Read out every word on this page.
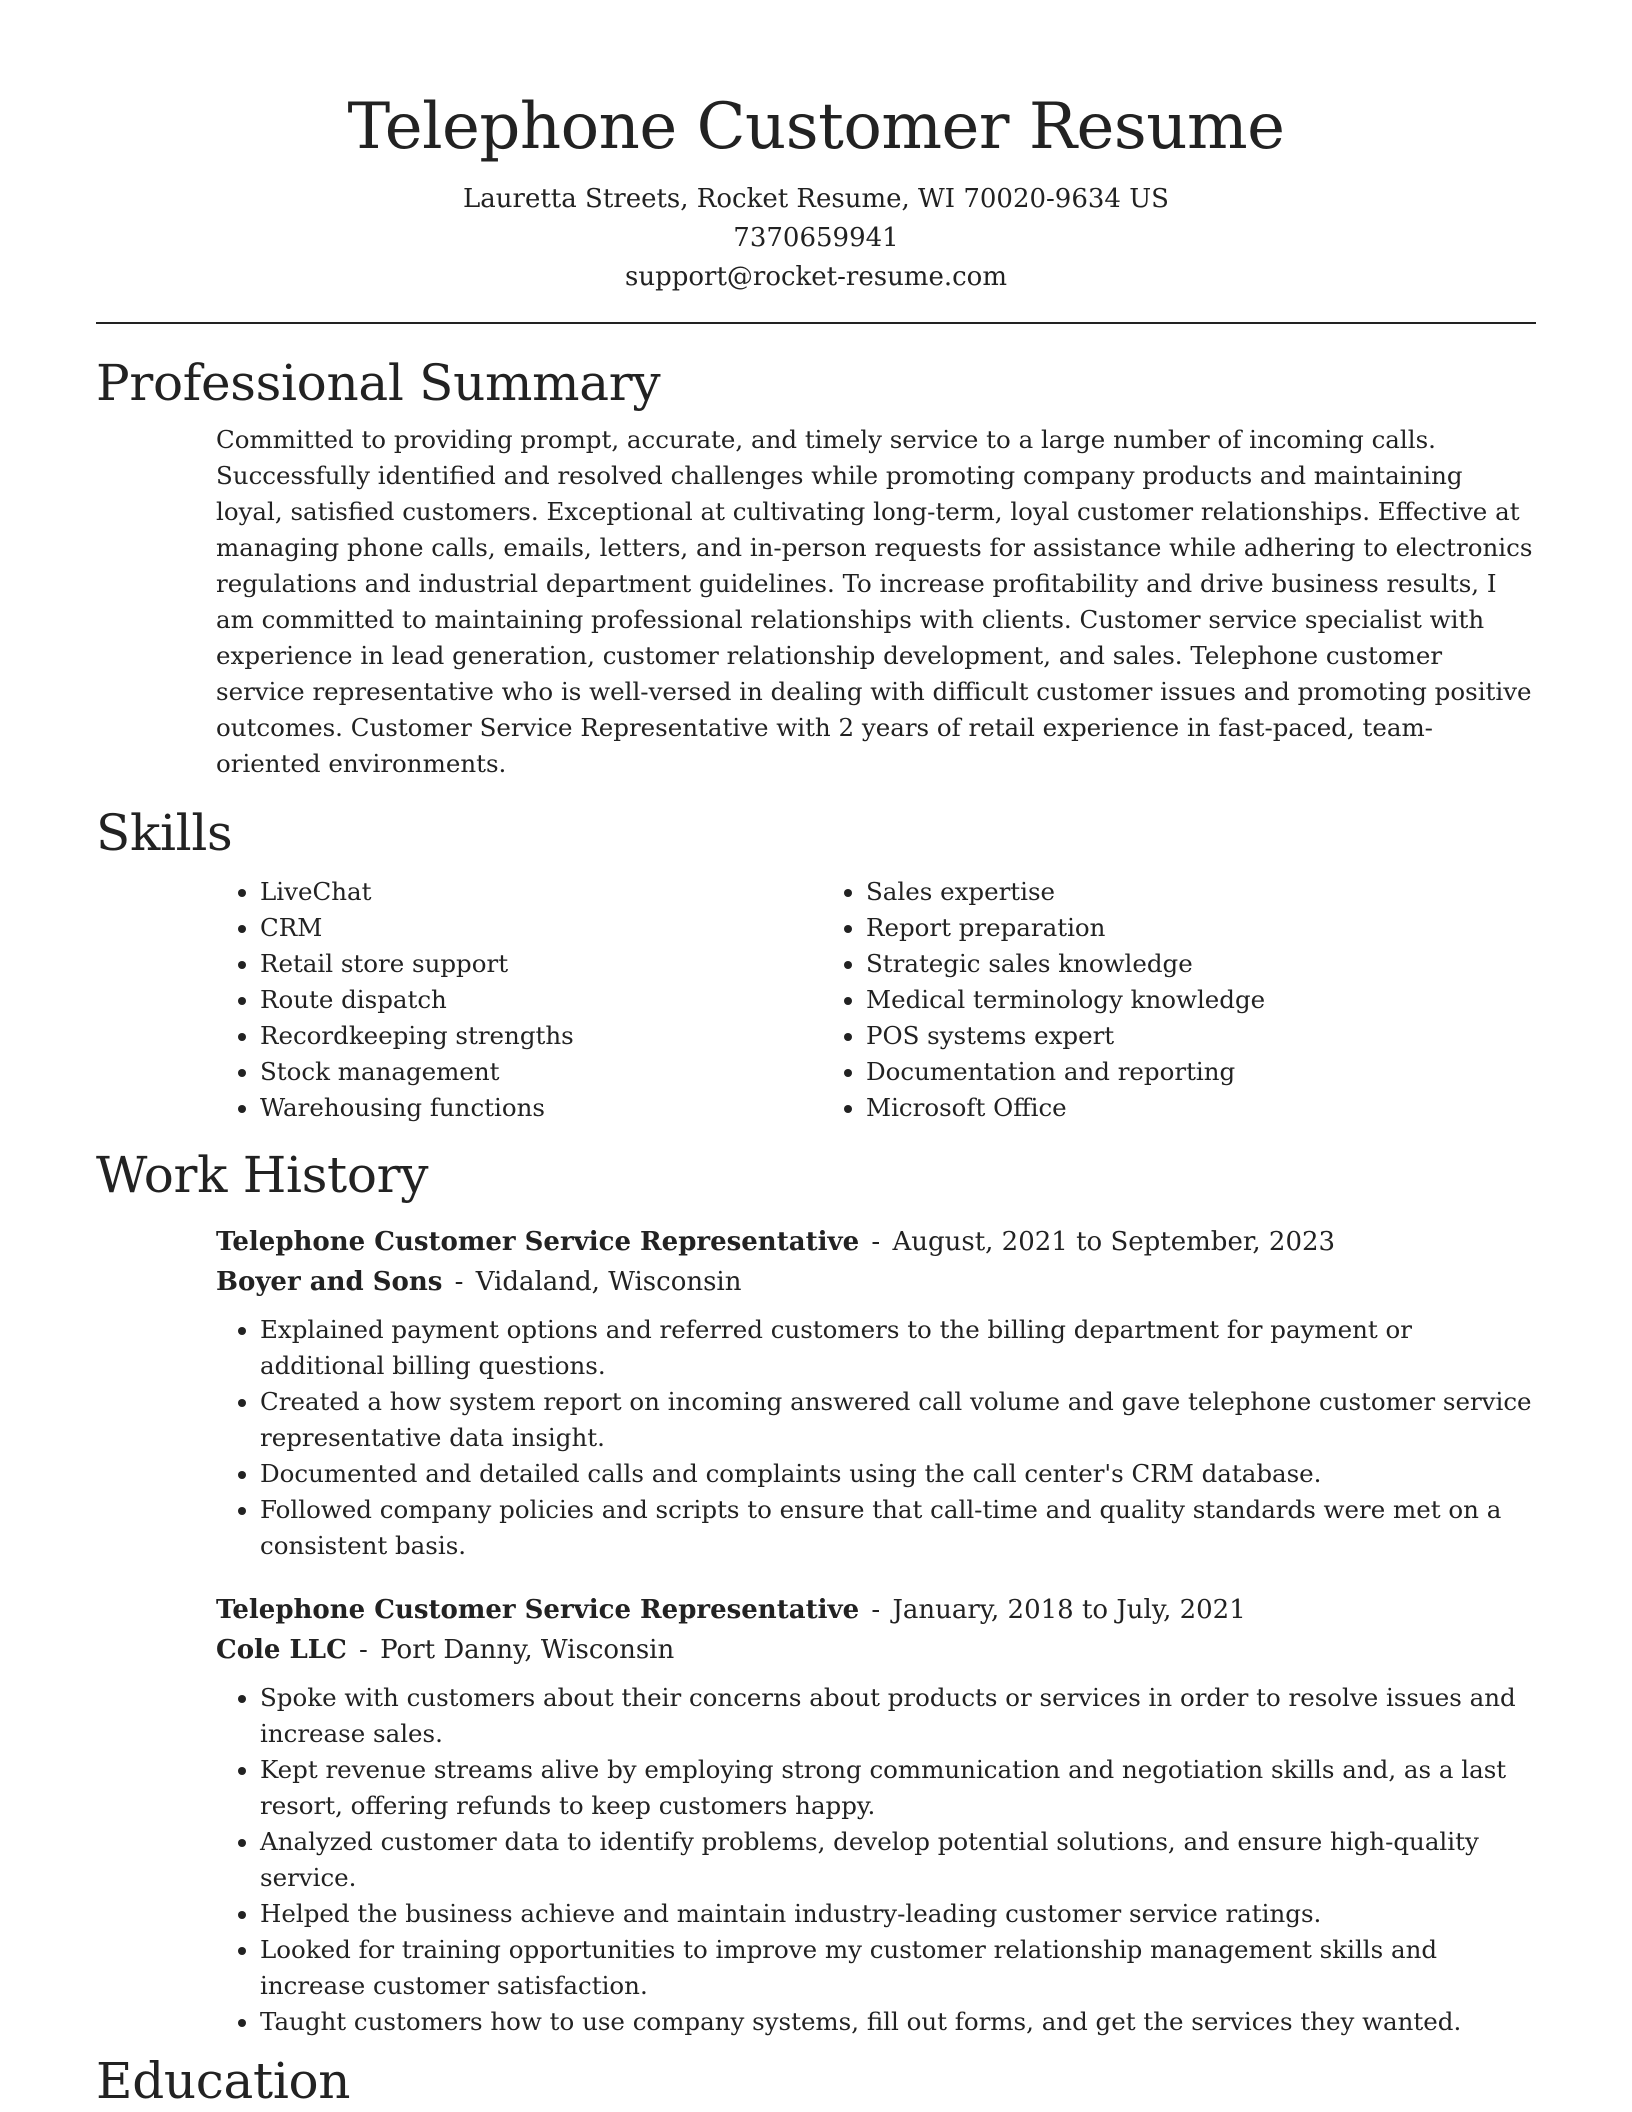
Telephone Customer Resume
Lauretta Streets, Rocket Resume, WI 70020-9634 US
7370659941
support@rocket-resume.com
Professional Summary

Committed to providing prompt, accurate, and timely service to a large number of incoming calls. Successfully identified and resolved challenges while promoting company products and maintaining loyal, satisfied customers. Exceptional at cultivating long-term, loyal customer relationships. Effective at managing phone calls, emails, letters, and in-person requests for assistance while adhering to electronics regulations and industrial department guidelines. To increase profitability and drive business results, I am committed to maintaining professional relationships with clients. Customer service specialist with experience in lead generation, customer relationship development, and sales. Telephone customer service representative who is well-versed in dealing with difficult customer issues and promoting positive outcomes. Customer Service Representative with 2 years of retail experience in fast-paced, team-oriented environments.

Skills
• LiveChat
• CRM
• Retail store support
• Route dispatch
• Recordkeeping strengths
• Stock management
• Warehousing functions
• Sales expertise
• Report preparation
• Strategic sales knowledge
• Medical terminology knowledge
• POS systems expert
• Documentation and reporting
• Microsoft Office
Work History
Telephone Customer Service Representative - August, 2021 to September, 2023
Boyer and Sons - Vidaland, Wisconsin
• Explained payment options and referred customers to the billing department for payment or additional billing questions.
• Created a how system report on incoming answered call volume and gave telephone customer service representative data insight.
• Documented and detailed calls and complaints using the call center's CRM database.
• Followed company policies and scripts to ensure that call-time and quality standards were met on a consistent basis.
Telephone Customer Service Representative - January, 2018 to July, 2021
Cole LLC - Port Danny, Wisconsin
• Spoke with customers about their concerns about products or services in order to resolve issues and increase sales.
• Kept revenue streams alive by employing strong communication and negotiation skills and, as a last resort, offering refunds to keep customers happy.
• Analyzed customer data to identify problems, develop potential solutions, and ensure high-quality service.
• Helped the business achieve and maintain industry-leading customer service ratings.
• Looked for training opportunities to improve my customer relationship management skills and increase customer satisfaction.
• Taught customers how to use company systems, fill out forms, and get the services they wanted.
Education
